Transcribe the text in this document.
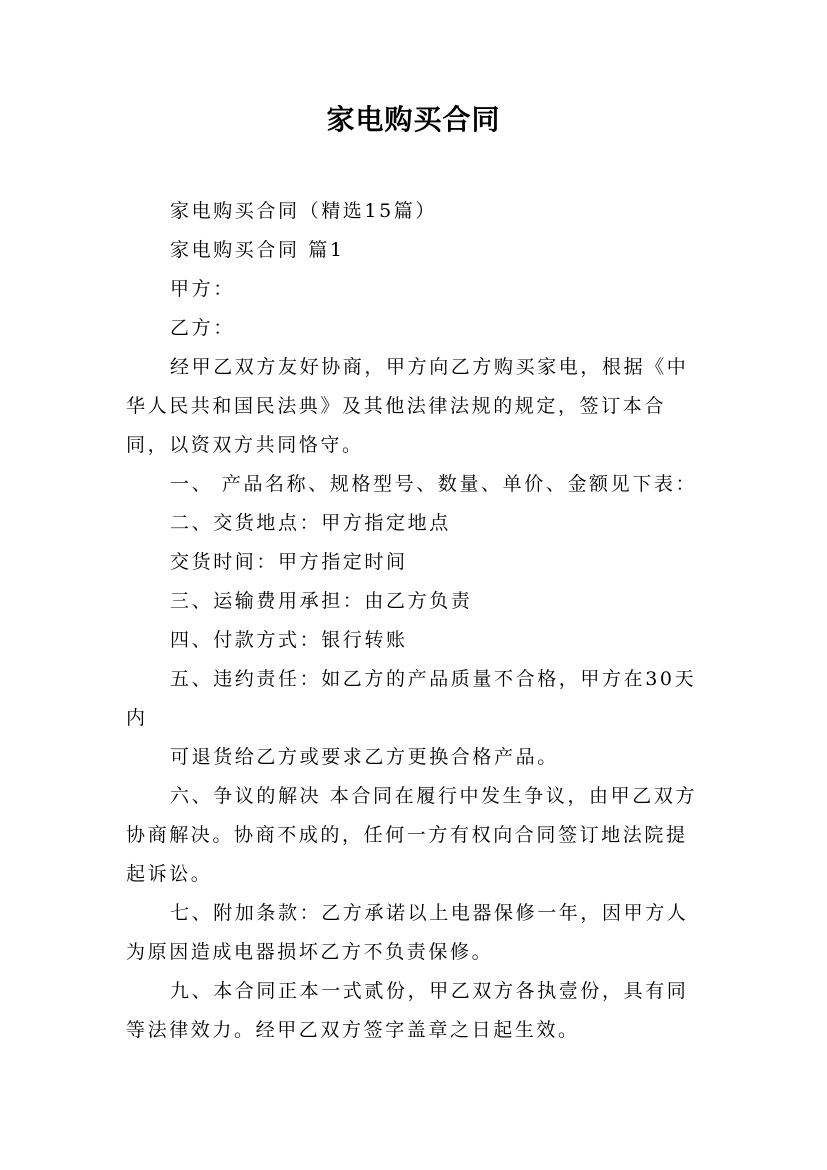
家电购买合同

家电购买合同（精选15篇）

家电购买合同 篇1

甲方：

乙方：

经甲乙双方友好协商，甲方向乙方购买家电，根据《中华人民共和国民法典》及其他法律法规的规定，签订本合同，以资双方共同恪守。

一、 产品名称、规格型号、数量、单价、金额见下表：

二、交货地点：甲方指定地点

交货时间：甲方指定时间

三、运输费用承担：由乙方负责

四、付款方式：银行转账

五、违约责任：如乙方的产品质量不合格，甲方在30天内

可退货给乙方或要求乙方更换合格产品。

六、争议的解决 本合同在履行中发生争议，由甲乙双方协商解决。协商不成的，任何一方有权向合同签订地法院提起诉讼。

七、附加条款：乙方承诺以上电器保修一年，因甲方人为原因造成电器损坏乙方不负责保修。

九、本合同正本一式贰份，甲乙双方各执壹份，具有同等法律效力。经甲乙双方签字盖章之日起生效。
